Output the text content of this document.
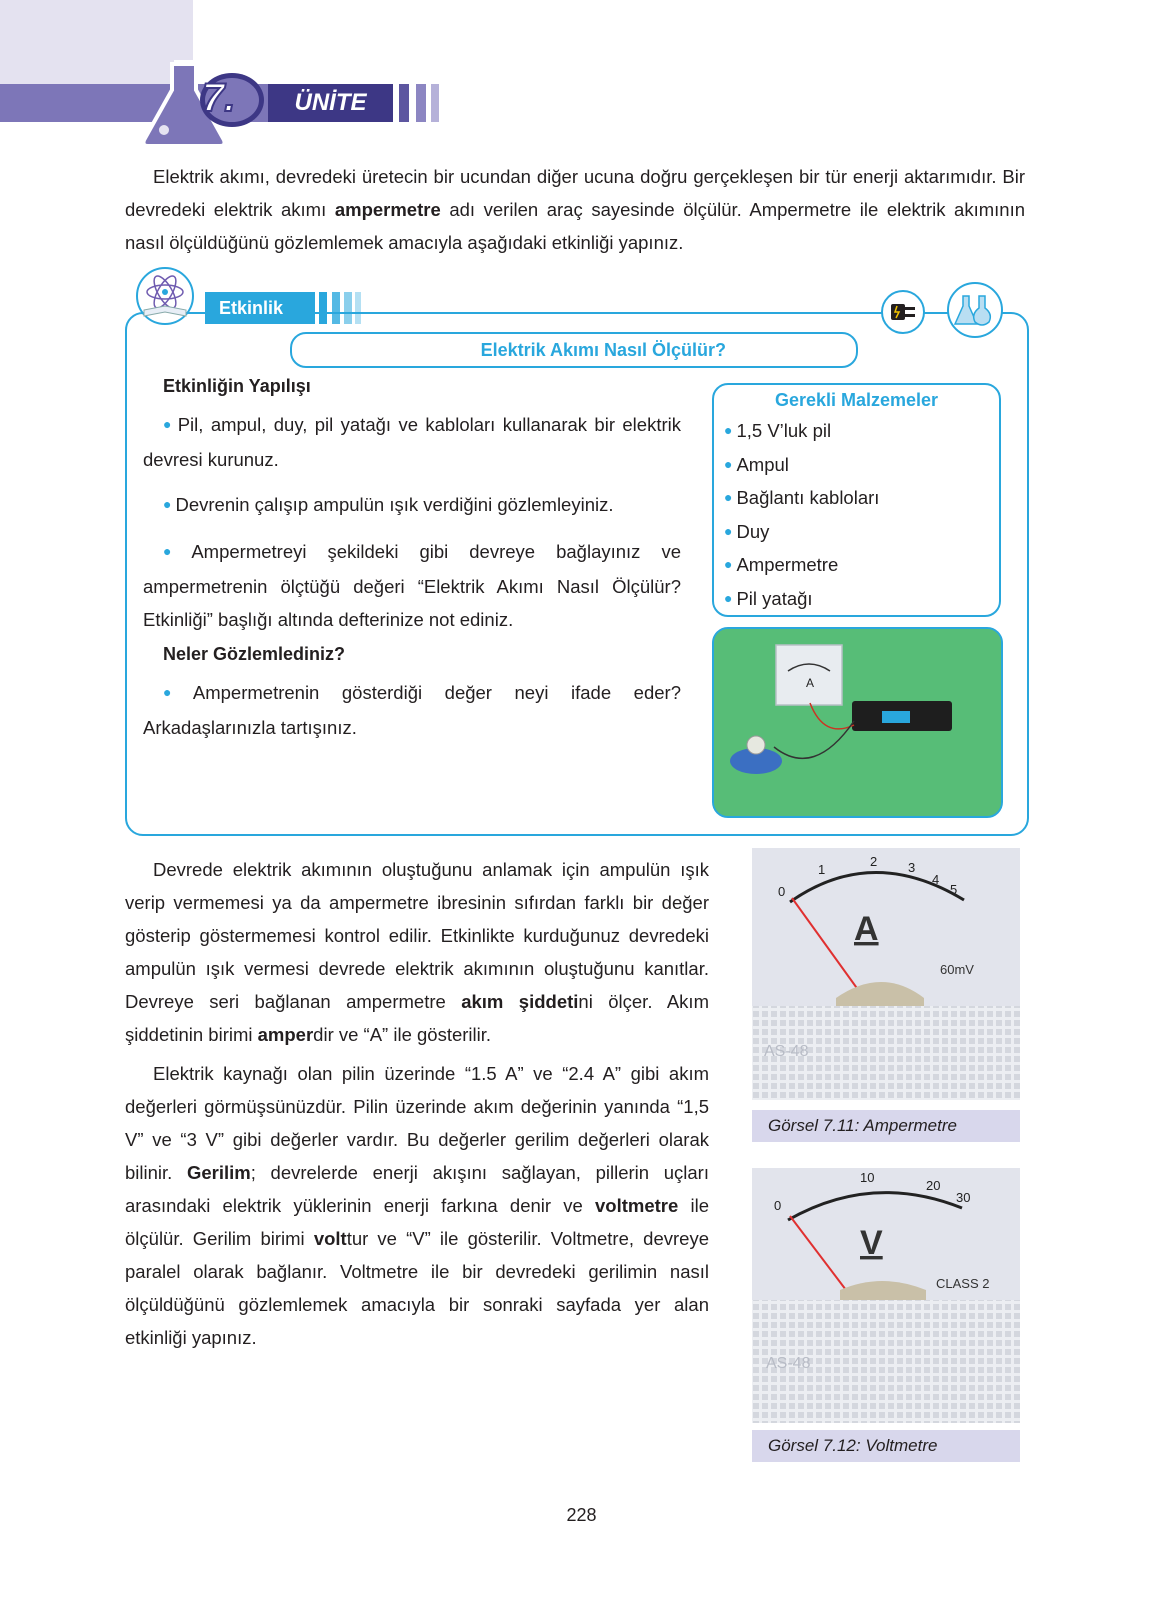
7.	ÜNİTE

Elektrik akımı, devredeki üretecin bir ucundan diğer ucuna doğru gerçekleşen bir tür enerji aktarımıdır. Bir devredeki elektrik akımı ampermetre adı verilen araç sayesinde ölçülür. Ampermetre ile elektrik akımının nasıl ölçüldüğünü gözlemlemek amacıyla aşağıdaki etkinliği yapınız.

Etkinlik
Elektrik Akımı Nasıl Ölçülür?
Etkinliğin Yapılışı

● Pil, ampul, duy, pil yatağı ve kabloları kullanarak bir elektrik devresi kurunuz.

● Devrenin çalışıp ampulün ışık verdiğini gözlemleyiniz.

● Ampermetreyi şekildeki gibi devreye bağlayınız ve ampermetrenin ölçtüğü değeri “Elektrik Akımı Nasıl Ölçülür? Etkinliği” başlığı altında defterinize not ediniz.

Neler Gözlemlediniz?

● Ampermetrenin gösterdiği değer neyi ifade eder? Arkadaşlarınızla tartışınız.

Gerekli Malzemeler
● 1,5 V’luk pil
● Ampul
● Bağlantı kabloları
● Duy
● Ampermetre
● Pil yatağı
A

Devrede elektrik akımının oluştuğunu anlamak için ampulün ışık verip vermemesi ya da ampermetre ibresinin sıfırdan farklı bir değer gösterip göstermemesi kontrol edilir. Etkinlikte kurduğunuz devredeki ampulün ışık vermesi devrede elektrik akımının oluştuğunu kanıtlar. Devreye seri bağlanan ampermetre akım şiddetini ölçer. Akım şiddetinin birimi amperdir ve “A” ile gösterilir.

Elektrik kaynağı olan pilin üzerinde “1.5 A” ve “2.4 A” gibi akım değerleri görmüşsünüzdür. Pilin üzerinde akım değerinin yanında “1,5 V” ve “3 V” gibi değerler vardır. Bu değerler gerilim değerleri olarak bilinir. Gerilim; devrelerde enerji akışını sağlayan, pillerin uçları arasındaki elektrik yüklerinin enerji farkına denir ve voltmetre ile ölçülür. Gerilim birimi volttur ve “V” ile gösterilir. Voltmetre, devreye paralel olarak bağlanır. Voltmetre ile bir devredeki gerilimin nasıl ölçüldüğünü gözlemlemek amacıyla bir sonraki sayfada yer alan etkinliği yapınız.

0
1
2 3
4
5
A
60mV
AS-48
Görsel 7.11: Ampermetre
0
10
20
30
V
CLASS 2
AS-48
Görsel 7.12: Voltmetre
228
